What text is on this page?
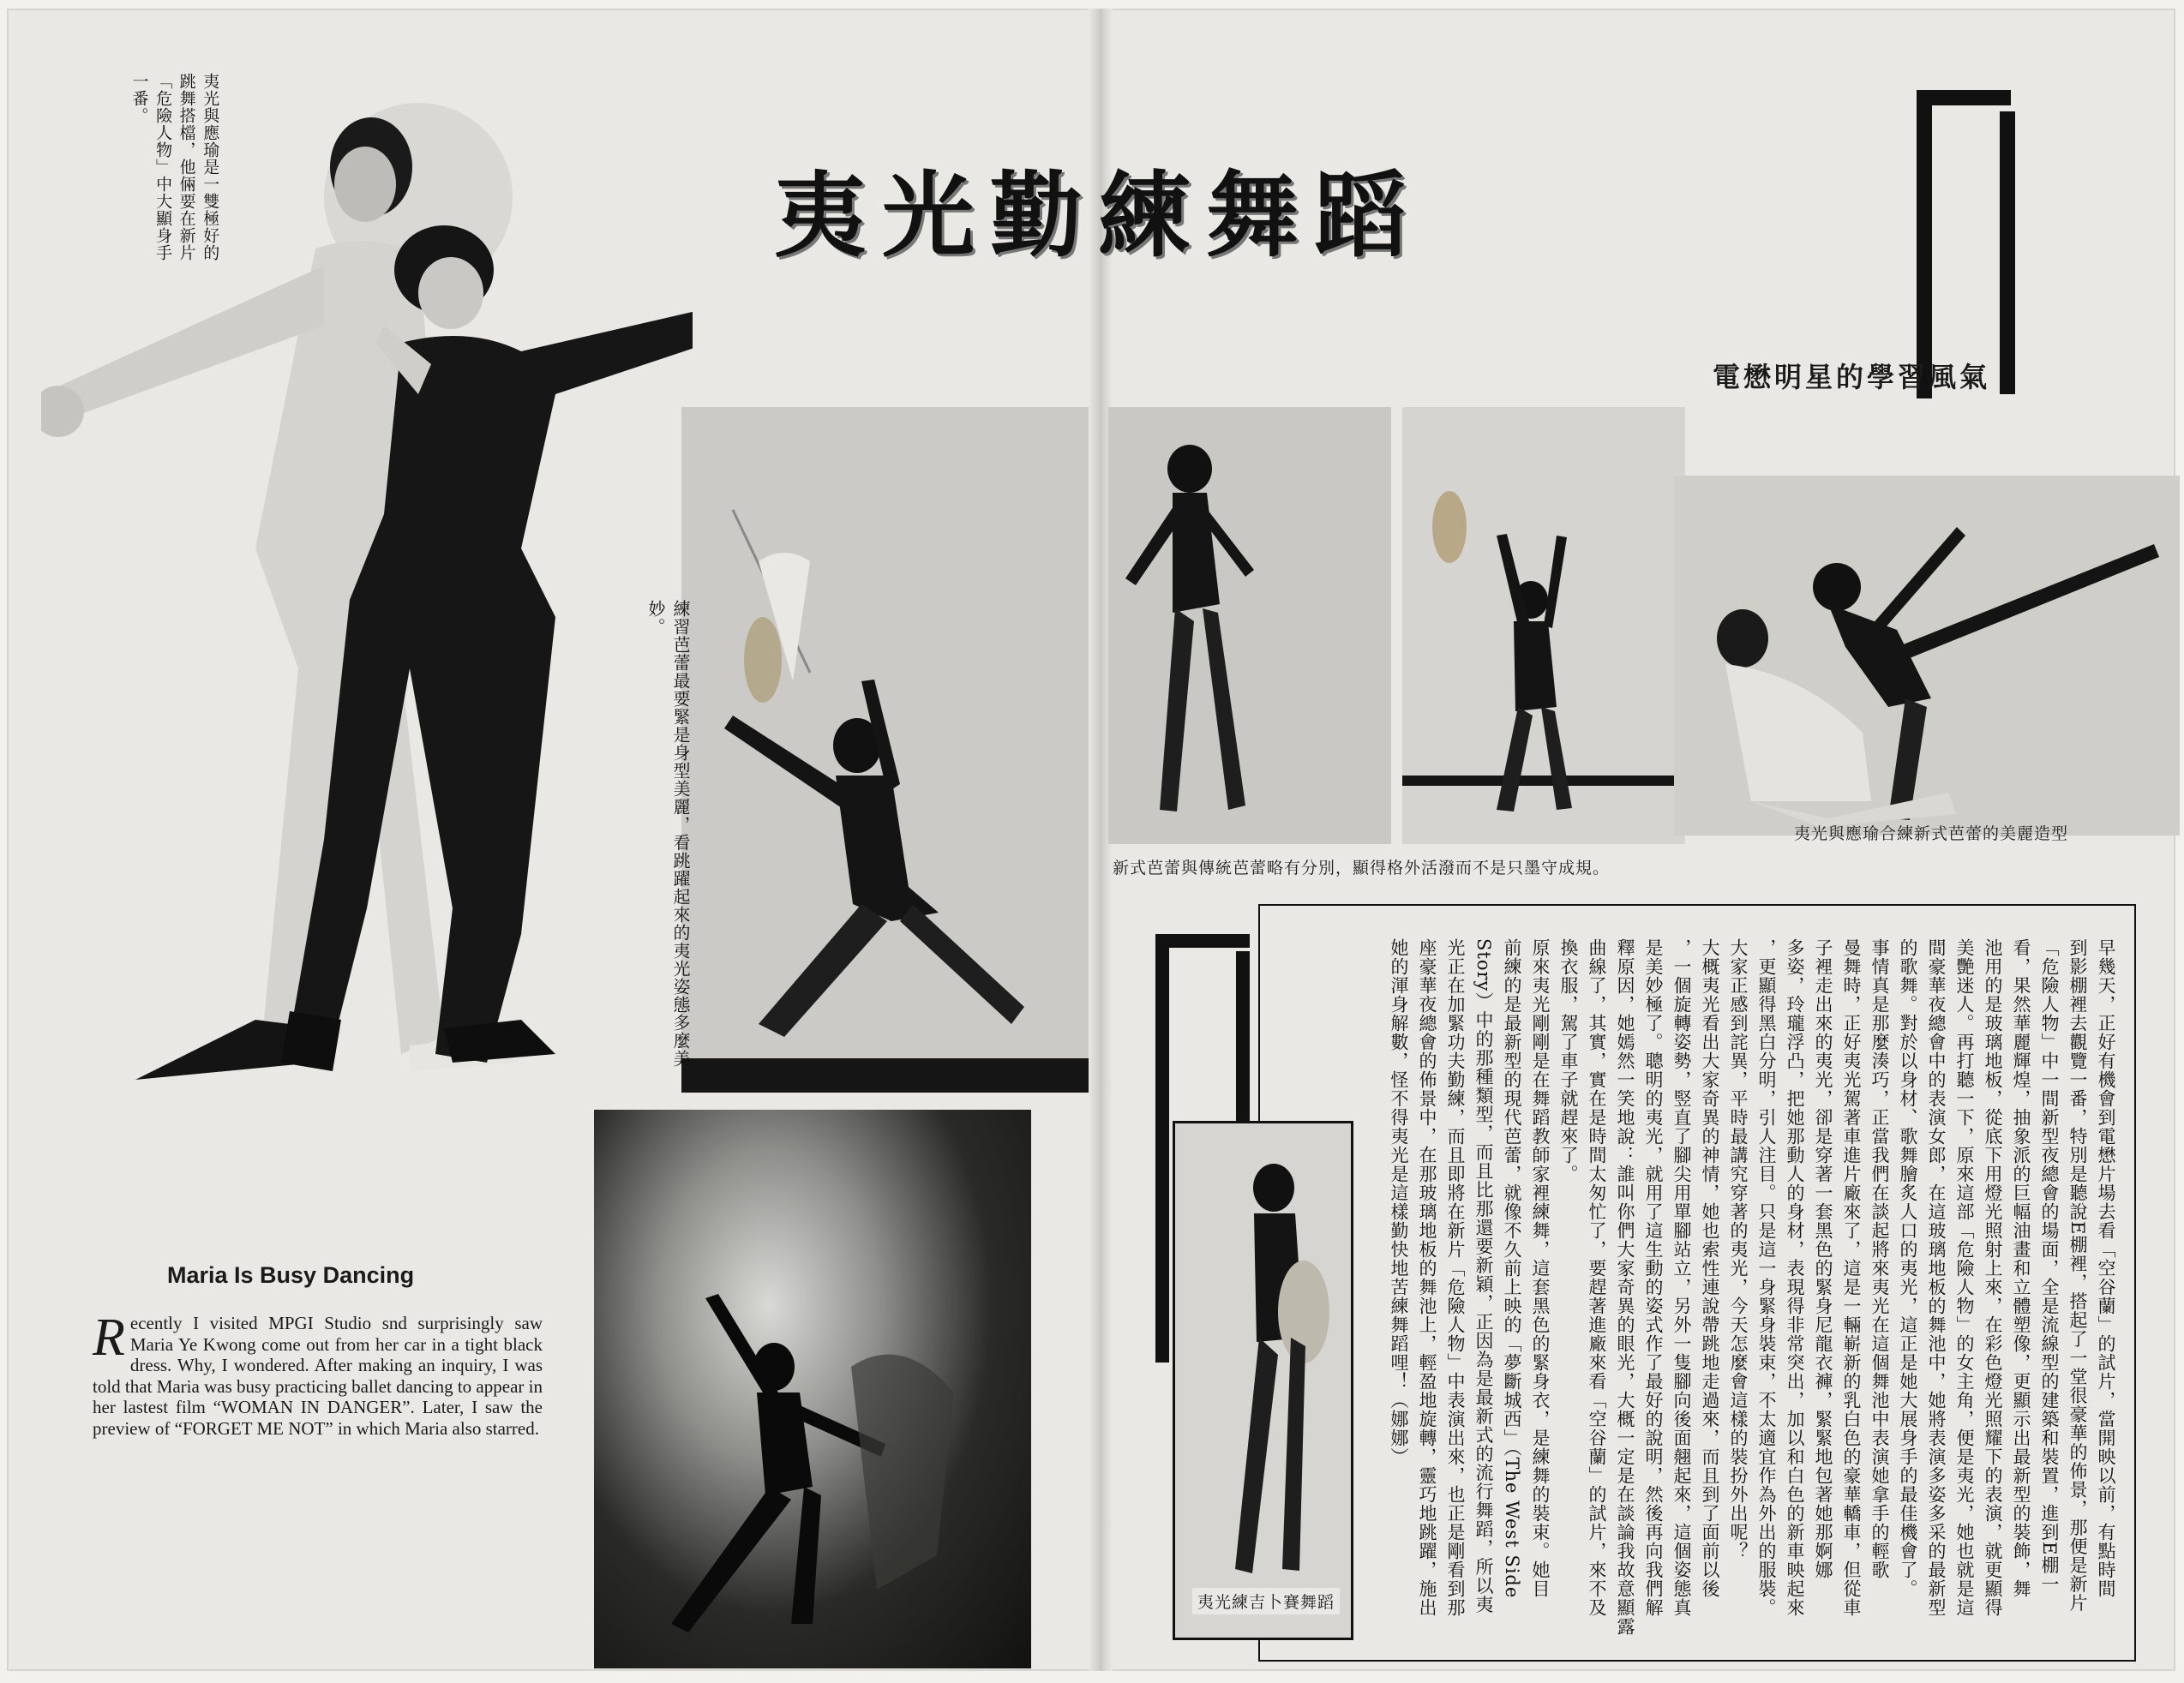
夷光與應瑜是一雙極好的跳舞搭檔，他倆要在新片「危險人物」中大顯身手一番。
練習芭蕾最要緊是身型美麗，看跳躍起來的夷光姿態多麼美妙。
Maria Is Busy Dancing
Recently I visited MPGI Studio snd surprisingly saw Maria Ye Kwong come out from her car in a tight black dress. Why, I wondered. After making an inquiry, I was told that Maria was busy practicing ballet dancing to appear in her lastest film “WOMAN IN DANGER”. Later, I saw the preview of “FORGET ME NOT” in which Maria also starred.
夷光勤練舞蹈
電懋明星的學習風氣
新式芭蕾與傳統芭蕾略有分別，顯得格外活潑而不是只墨守成規。
夷光與應瑜合練新式芭蕾的美麗造型
夷光練吉卜賽舞蹈
早幾天，正好有機會到電懋片場去看「空谷蘭」的試片，當開映以前，有點時間
到影棚裡去觀覽一番，特別是聽說E棚裡，搭起了一堂很豪華的佈景，那便是新片
「危險人物」中一間新型夜總會的場面，全是流線型的建築和裝置，進到E棚一
看，果然華麗輝煌，抽象派的巨幅油畫和立體塑像，更顯示出最新型的裝飾，舞
池用的是玻璃地板，從底下用燈光照射上來，在彩色燈光照耀下的表演，就更顯得
美艷迷人。再打聽一下，原來這部「危險人物」的女主角，便是夷光，她也就是這
間豪華夜總會中的表演女郎，在這玻璃地板的舞池中，她將表演多姿多采的最新型
的歌舞。對於以身材、歌舞膾炙人口的夷光，這正是她大展身手的最佳機會了。
事情真是那麼湊巧，正當我們在談起將來夷光在這個舞池中表演她拿手的輕歌
曼舞時，正好夷光駕著車進片廠來了，這是一輛嶄新的乳白色的豪華轎車，但從車
子裡走出來的夷光，卻是穿著一套黑色的緊身尼龍衣褲，緊緊地包著她那婀娜
多姿，玲瓏浮凸，把她那動人的身材，表現得非常突出，加以和白色的新車映起來
，更顯得黑白分明，引人注目。只是這一身緊身裝束，不太適宜作為外出的服裝。
大家正感到詫異，平時最講究穿著的夷光，今天怎麼會這樣的裝扮外出呢？
大概夷光看出大家奇異的神情，她也索性連說帶跳地走過來，而且到了面前以後
，一個旋轉姿勢，竪直了腳尖用單腳站立，另外一隻腳向後面翹起來，這個姿態真
是美妙極了。聰明的夷光，就用了這生動的姿式作了最好的說明，然後再向我們解
釋原因，她嫣然一笑地說：誰叫你們大家奇異的眼光，大概一定是在談論我故意顯露
曲線了，其實，實在是時間太匆忙了，要趕著進廠來看「空谷蘭」的試片，來不及
換衣服，駕了車子就趕來了。
原來夷光剛剛是在舞蹈教師家裡練舞，這套黑色的緊身衣，是練舞的裝束。她目
前練的是最新型的現代芭蕾，就像不久前上映的「夢斷城西」（The West Side
Story）中的那種類型，而且比那還要新穎，正因為是最新式的流行舞蹈，所以夷
光正在加緊功夫勤練，而且即將在新片「危險人物」中表演出來，也正是剛看到那
座豪華夜總會的佈景中，在那玻璃地板的舞池上，輕盈地旋轉，靈巧地跳躍，施出
她的渾身解數，怪不得夷光是這樣勤快地苦練舞蹈哩！（娜娜）
